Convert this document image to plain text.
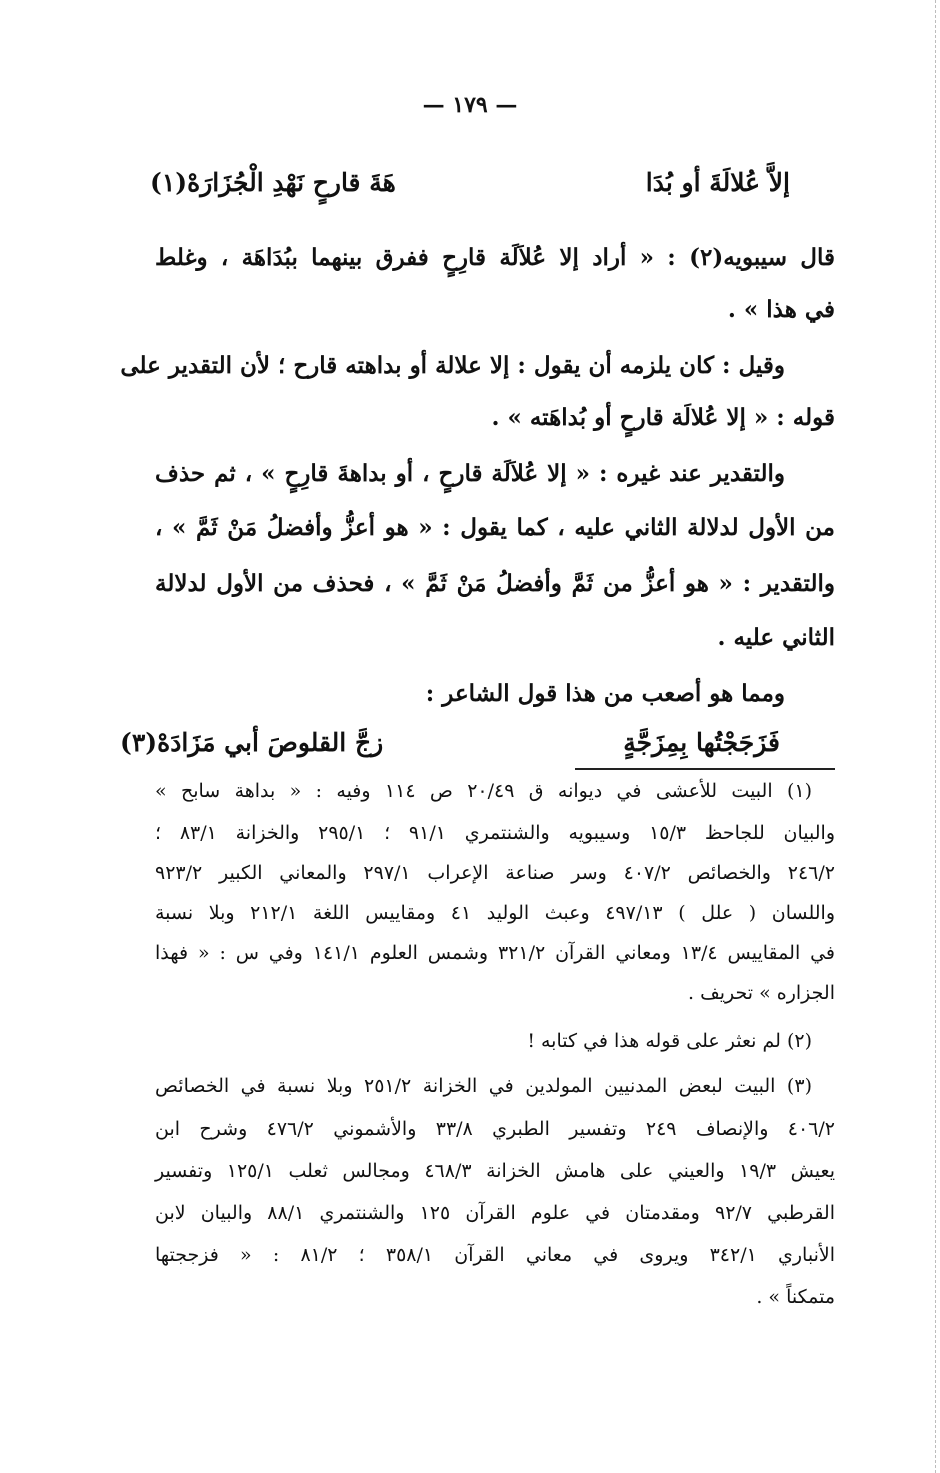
— ١٧٩ —
إلاَّ عُلالَةَ أو بُدَا
هَةَ قارحٍ نَهْدِ الْجُزَارَهْ(١)
قال سيبويه(٢) : « أراد إلا عُلاَلَة قارِحٍ ففرق بينهما ببُدَاهَة ، وغلط
في هذا » .
وقيل : كان يلزمه أن يقول : إلا علالة أو بداهته قارح ؛ لأن التقدير على
قوله : « إلا عُلالَة قارحٍ أو بُداهَته » .
والتقدير عند غيره : « إلا عُلاَلَة قارحٍ ، أو بداهةَ قارِحٍ » ، ثم حذف
من الأول لدلالة الثاني عليه ، كما يقول : « هو أعزُّ وأفضلُ مَنْ ثَمَّ » ،
والتقدير : « هو أعزُّ من ثَمَّ وأفضلُ مَنْ ثَمَّ » ، فحذف من الأول لدلالة
الثاني عليه .
ومما هو أصعب من هذا قول الشاعر :
فَزَجَجْتُها بِمِزَجَّةٍ
زجَّ القلوصَ أبي مَزَادَهْ(٣)
(١) البيت للأعشى في ديوانه ق ٢٠/٤٩ ص ١١٤ وفيه : « بداهة سابح »
والبيان للجاحظ ١٥/٣ وسيبويه والشنتمري ٩١/١ ؛ ٢٩٥/١ والخزانة ٨٣/١ ؛
٢٤٦/٢ والخصائص ٤٠٧/٢ وسر صناعة الإعراب ٢٩٧/١ والمعاني الكبير ٩٢٣/٢
واللسان ( علل ) ٤٩٧/١٣ وعبث الوليد ٤١ ومقاييس اللغة ٢١٢/١ وبلا نسبة
في المقاييس ١٣/٤ ومعاني القرآن ٣٢١/٢ وشمس العلوم ١٤١/١ وفي س : « فهذا
الجزاره » تحريف .
(٢) لم نعثر على قوله هذا في كتابه !
(٣) البيت لبعض المدنيين المولدين في الخزانة ٢٥١/٢ وبلا نسبة في الخصائص
٤٠٦/٢ والإنصاف ٢٤٩ وتفسير الطبري ٣٣/٨ والأشموني ٤٧٦/٢ وشرح ابن
يعيش ١٩/٣ والعيني على هامش الخزانة ٤٦٨/٣ ومجالس ثعلب ١٢٥/١ وتفسير
القرطبي ٩٢/٧ ومقدمتان في علوم القرآن ١٢٥ والشنتمري ٨٨/١ والبيان لابن
الأنباري ٣٤٢/١ ويروى في معاني القرآن ٣٥٨/١ ؛ ٨١/٢ : « فزججتها
متمكناً » .
